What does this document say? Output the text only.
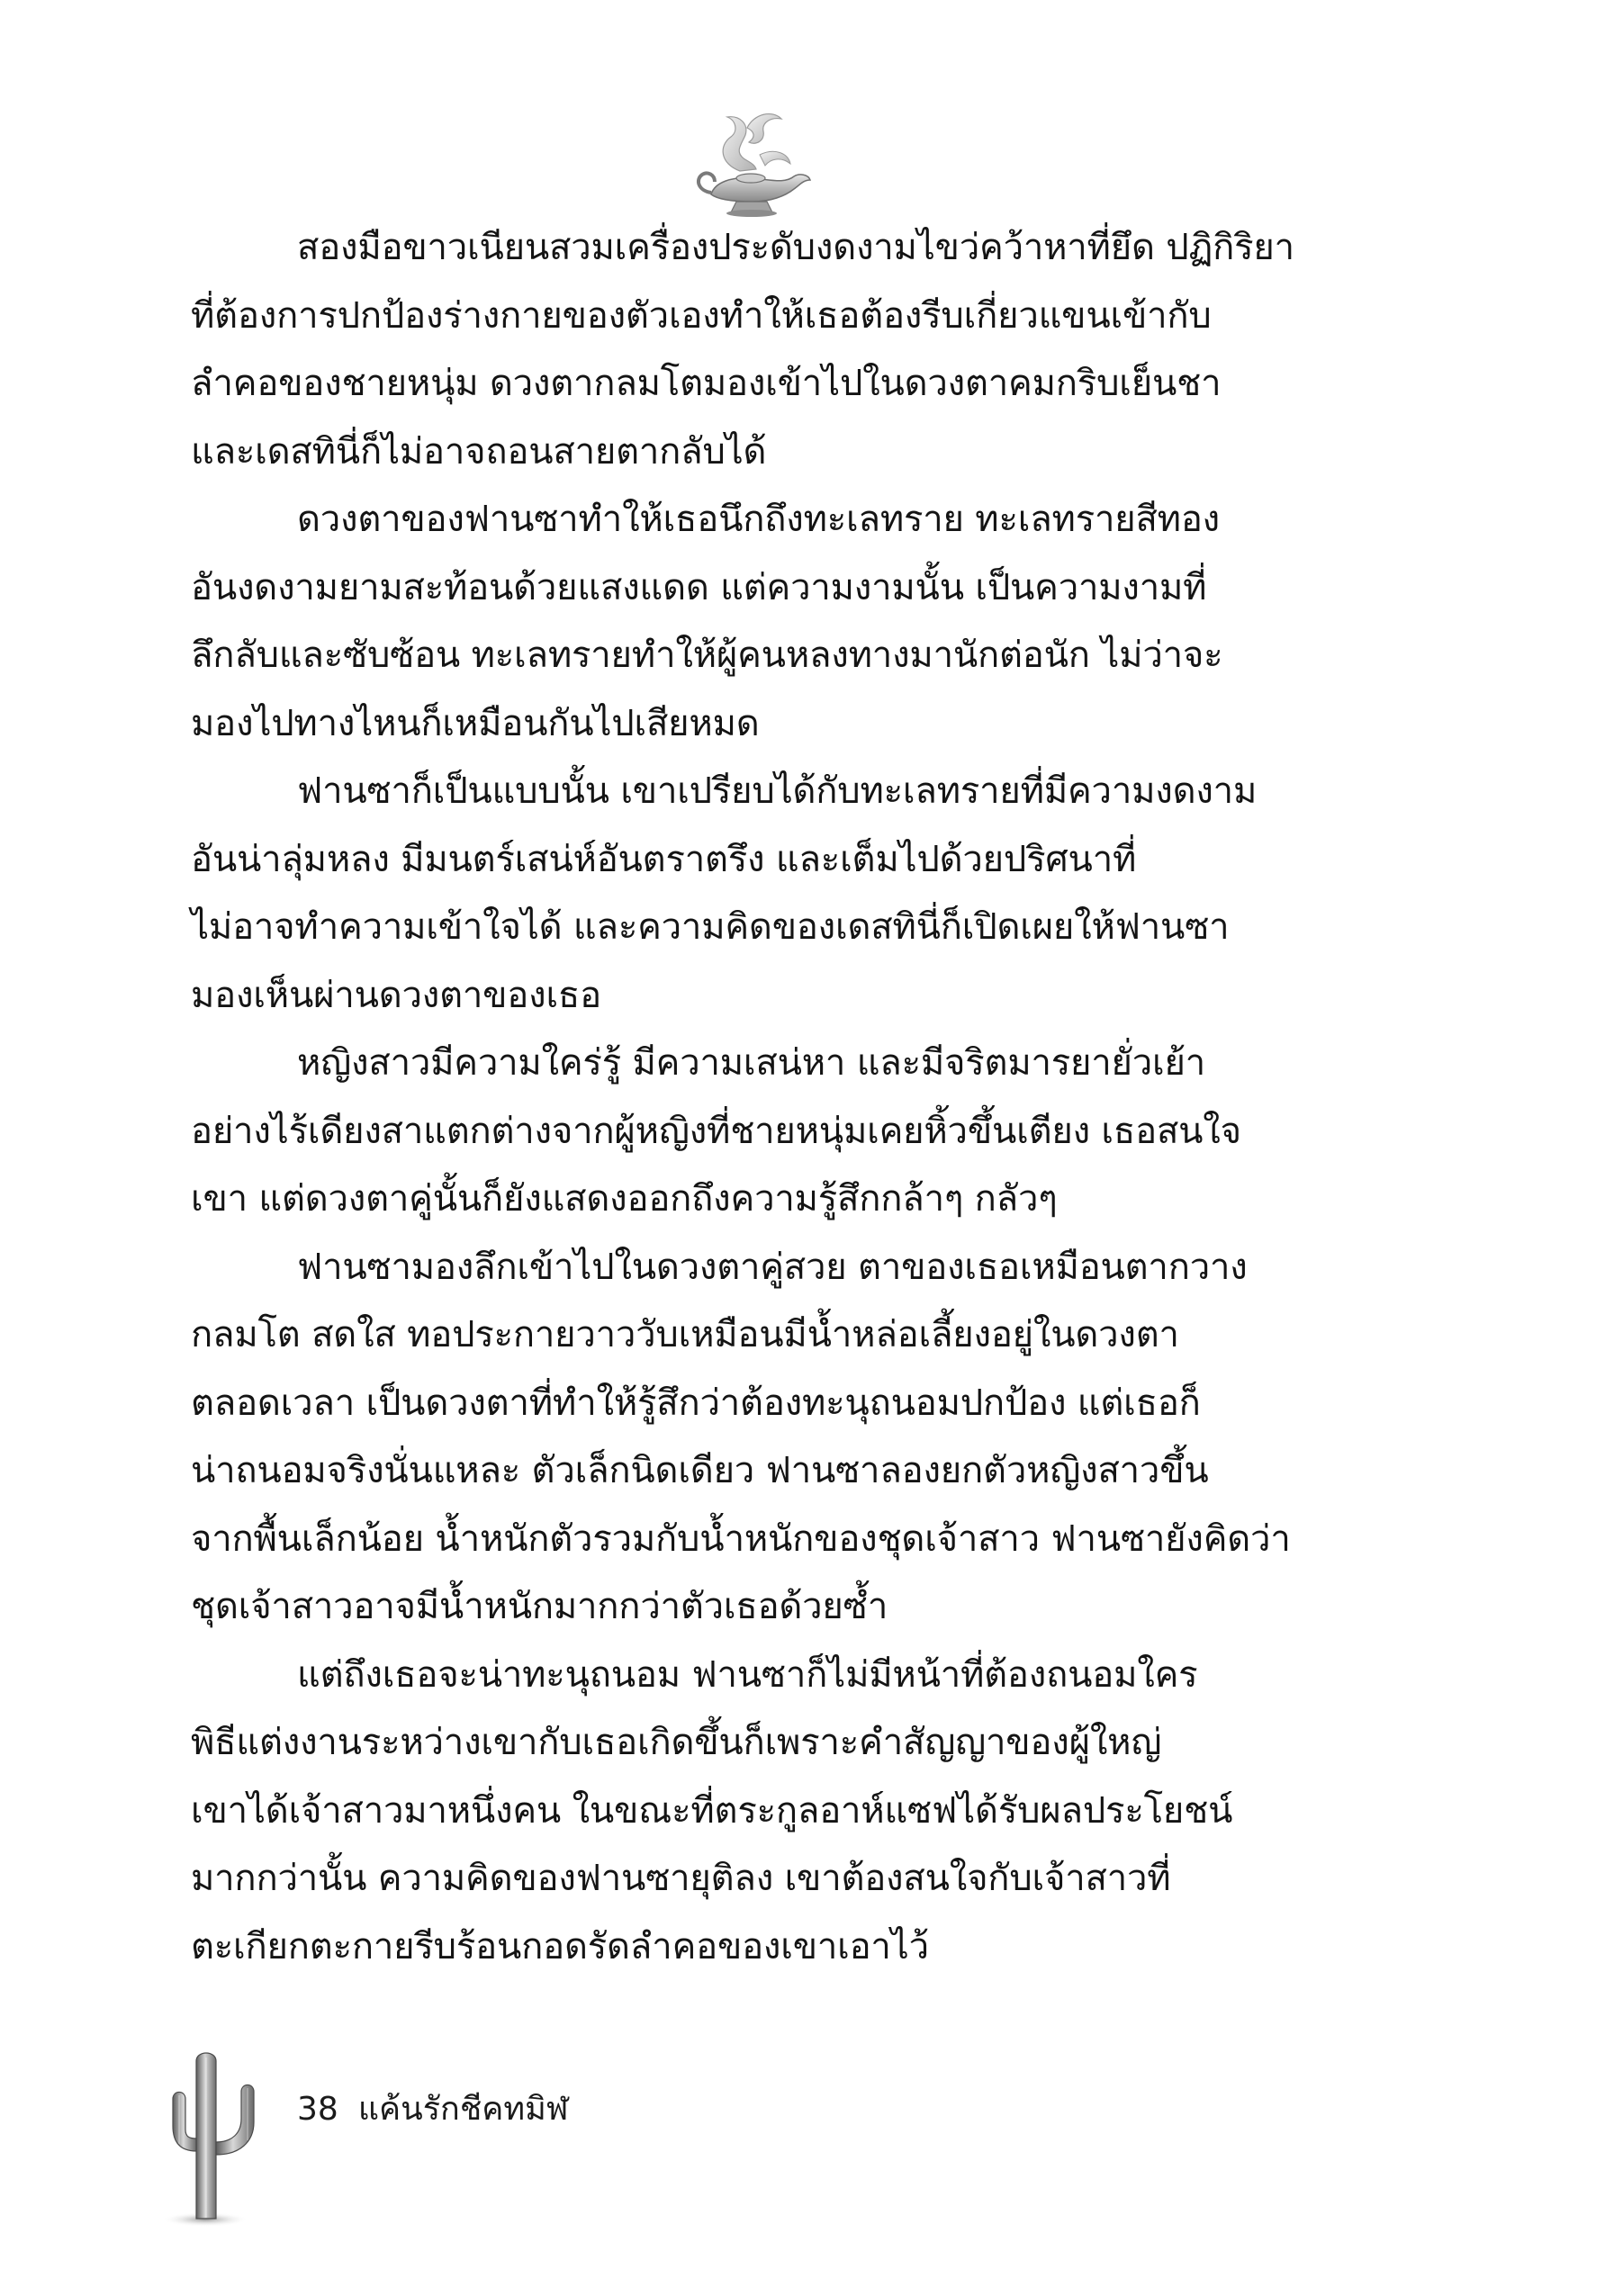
สองมือขาวเนียนสวมเครื่องประดับงดงามไขว่คว้าหาที่ยึด ปฏิกิริยา
ที่ต้องการปกป้องร่างกายของตัวเองทำให้เธอต้องรีบเกี่ยวแขนเข้ากับ
ลำคอของชายหนุ่ม ดวงตากลมโตมองเข้าไปในดวงตาคมกริบเย็นชา
และเดสทินี่ก็ไม่อาจถอนสายตากลับได้
ดวงตาของฟานซาทำให้เธอนึกถึงทะเลทราย ทะเลทรายสีทอง
อันงดงามยามสะท้อนด้วยแสงแดด แต่ความงามนั้น เป็นความงามที่
ลึกลับและซับซ้อน ทะเลทรายทำให้ผู้คนหลงทางมานักต่อนัก ไม่ว่าจะ
มองไปทางไหนก็เหมือนกันไปเสียหมด
ฟานซาก็เป็นแบบนั้น เขาเปรียบได้กับทะเลทรายที่มีความงดงาม
อันน่าลุ่มหลง มีมนตร์เสน่ห์อันตราตรึง และเต็มไปด้วยปริศนาที่
ไม่อาจทำความเข้าใจได้ และความคิดของเดสทินี่ก็เปิดเผยให้ฟานซา
มองเห็นผ่านดวงตาของเธอ
หญิงสาวมีความใคร่รู้ มีความเสน่หา และมีจริตมารยายั่วเย้า
อย่างไร้เดียงสาแตกต่างจากผู้หญิงที่ชายหนุ่มเคยหิ้วขึ้นเตียง เธอสนใจ
เขา แต่ดวงตาคู่นั้นก็ยังแสดงออกถึงความรู้สึกกล้าๆ กลัวๆ
ฟานซามองลึกเข้าไปในดวงตาคู่สวย ตาของเธอเหมือนตากวาง
กลมโต สดใส ทอประกายวาววับเหมือนมีน้ำหล่อเลี้ยงอยู่ในดวงตา
ตลอดเวลา เป็นดวงตาที่ทำให้รู้สึกว่าต้องทะนุถนอมปกป้อง แต่เธอก็
น่าถนอมจริงนั่นแหละ ตัวเล็กนิดเดียว ฟานซาลองยกตัวหญิงสาวขึ้น
จากพื้นเล็กน้อย น้ำหนักตัวรวมกับน้ำหนักของชุดเจ้าสาว ฟานซายังคิดว่า
ชุดเจ้าสาวอาจมีน้ำหนักมากกว่าตัวเธอด้วยซ้ำ
แต่ถึงเธอจะน่าทะนุถนอม ฟานซาก็ไม่มีหน้าที่ต้องถนอมใคร
พิธีแต่งงานระหว่างเขากับเธอเกิดขึ้นก็เพราะคำสัญญาของผู้ใหญ่
เขาได้เจ้าสาวมาหนึ่งคน ในขณะที่ตระกูลอาห์แซฟได้รับผลประโยชน์
มากกว่านั้น ความคิดของฟานซายุติลง เขาต้องสนใจกับเจ้าสาวที่
ตะเกียกตะกายรีบร้อนกอดรัดลำคอของเขาเอาไว้
38 แค้นรักชีคทมิฬ
